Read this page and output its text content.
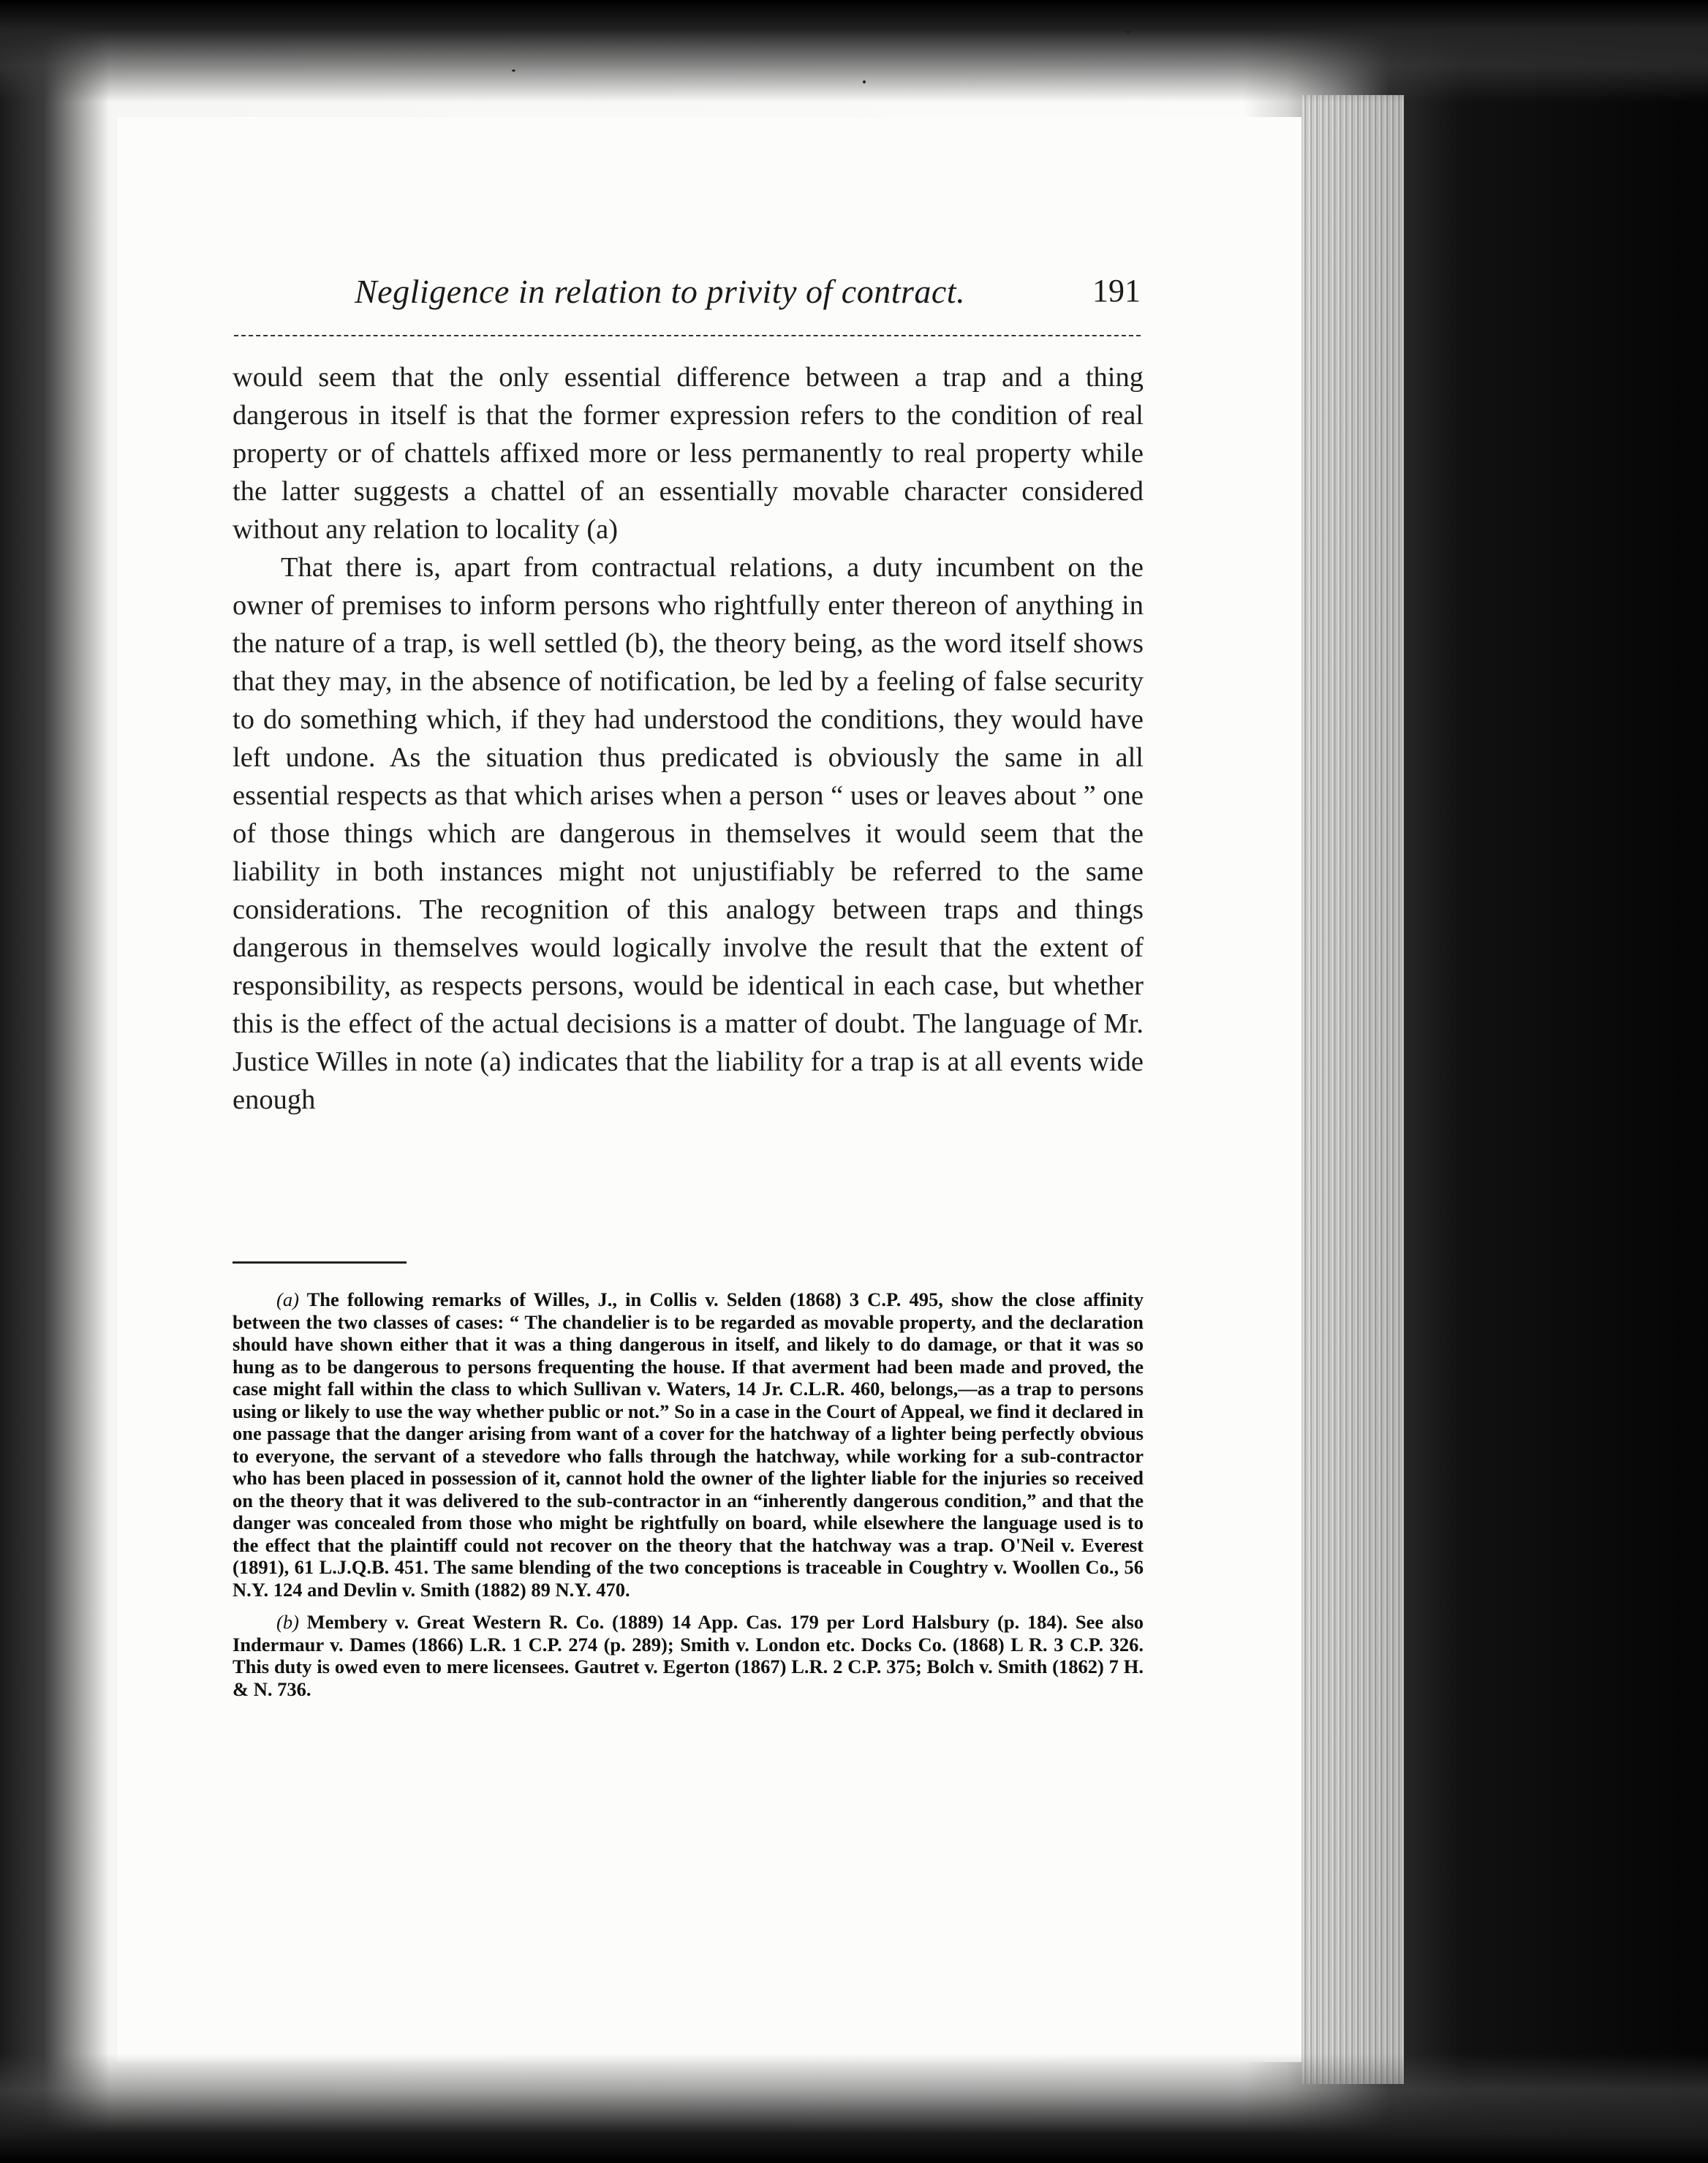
Negligence in relation to privity of contract.	191

would seem that the only essential difference between a trap and a thing dangerous in itself is that the former expression refers to the condition of real property or of chattels affixed more or less permanently to real property while the latter suggests a chattel of an essentially movable character considered without any relation to locality (a)

That there is, apart from contractual relations, a duty incumbent on the owner of premises to inform persons who rightfully enter thereon of anything in the nature of a trap, is well settled (b), the theory being, as the word itself shows that they may, in the absence of notification, be led by a feeling of false security to do something which, if they had understood the conditions, they would have left undone. As the situation thus predicated is obviously the same in all essential respects as that which arises when a person “ uses or leaves about ” one of those things which are dangerous in themselves it would seem that the liability in both instances might not unjustifiably be referred to the same considerations. The recognition of this analogy between traps and things dangerous in themselves would logically involve the result that the extent of responsibility, as respects persons, would be identical in each case, but whether this is the effect of the actual decisions is a matter of doubt. The language of Mr. Justice Willes in note (a) indicates that the liability for a trap is at all events wide enough

(a) The following remarks of Willes, J., in Collis v. Selden (1868) 3 C.P. 495, show the close affinity between the two classes of cases: “ The chandelier is to be regarded as movable property, and the declaration should have shown either that it was a thing dangerous in itself, and likely to do damage, or that it was so hung as to be dangerous to persons frequenting the house. If that averment had been made and proved, the case might fall within the class to which Sullivan v. Waters, 14 Jr. C.L.R. 460, belongs,—as a trap to persons using or likely to use the way whether public or not.” So in a case in the Court of Appeal, we find it declared in one passage that the danger arising from want of a cover for the hatchway of a lighter being perfectly obvious to everyone, the servant of a stevedore who falls through the hatchway, while working for a sub-contractor who has been placed in possession of it, cannot hold the owner of the lighter liable for the injuries so received on the theory that it was delivered to the sub-contractor in an “inherently dangerous condition,” and that the danger was concealed from those who might be rightfully on board, while elsewhere the language used is to the effect that the plaintiff could not recover on the theory that the hatchway was a trap. O'Neil v. Everest (1891), 61 L.J.Q.B. 451. The same blending of the two conceptions is traceable in Coughtry v. Woollen Co., 56 N.Y. 124 and Devlin v. Smith (1882) 89 N.Y. 470.

(b) Membery v. Great Western R. Co. (1889) 14 App. Cas. 179 per Lord Halsbury (p. 184). See also Indermaur v. Dames (1866) L.R. 1 C.P. 274 (p. 289); Smith v. London etc. Docks Co. (1868) L R. 3 C.P. 326. This duty is owed even to mere licensees. Gautret v. Egerton (1867) L.R. 2 C.P. 375; Bolch v. Smith (1862) 7 H. & N. 736.
